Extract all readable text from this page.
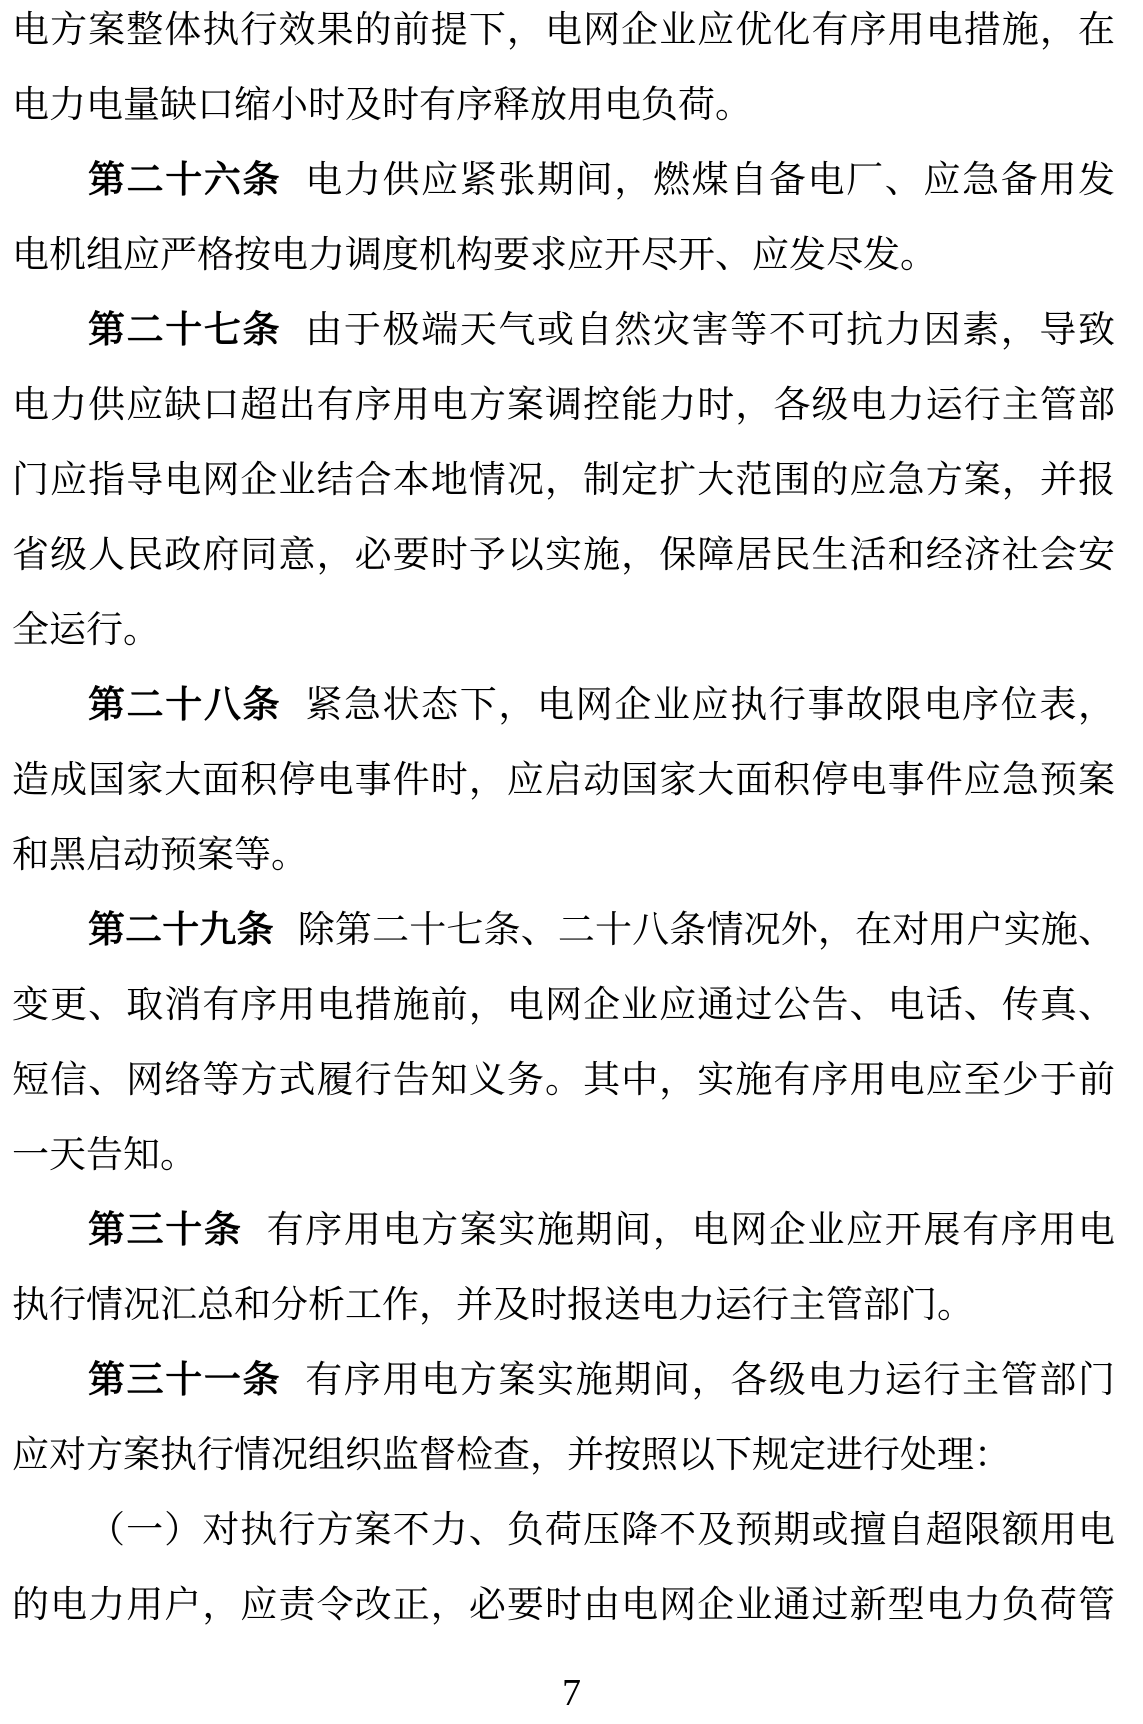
电方案整体执行效果的前提下，电网企业应优化有序用电措施，在
电力电量缺口缩小时及时有序释放用电负荷。
第二十六条 电力供应紧张期间，燃煤自备电厂、应急备用发
电机组应严格按电力调度机构要求应开尽开、应发尽发。
第二十七条 由于极端天气或自然灾害等不可抗力因素，导致
电力供应缺口超出有序用电方案调控能力时，各级电力运行主管部
门应指导电网企业结合本地情况，制定扩大范围的应急方案，并报
省级人民政府同意，必要时予以实施，保障居民生活和经济社会安
全运行。
第二十八条 紧急状态下，电网企业应执行事故限电序位表，
造成国家大面积停电事件时，应启动国家大面积停电事件应急预案
和黑启动预案等。
第二十九条 除第二十七条、二十八条情况外，在对用户实施、
变更、取消有序用电措施前，电网企业应通过公告、电话、传真、
短信、网络等方式履行告知义务。其中，实施有序用电应至少于前
一天告知。
第三十条 有序用电方案实施期间，电网企业应开展有序用电
执行情况汇总和分析工作，并及时报送电力运行主管部门。
第三十一条 有序用电方案实施期间，各级电力运行主管部门
应对方案执行情况组织监督检查，并按照以下规定进行处理：
（一）对执行方案不力、负荷压降不及预期或擅自超限额用电
的电力用户，应责令改正，必要时由电网企业通过新型电力负荷管
7
